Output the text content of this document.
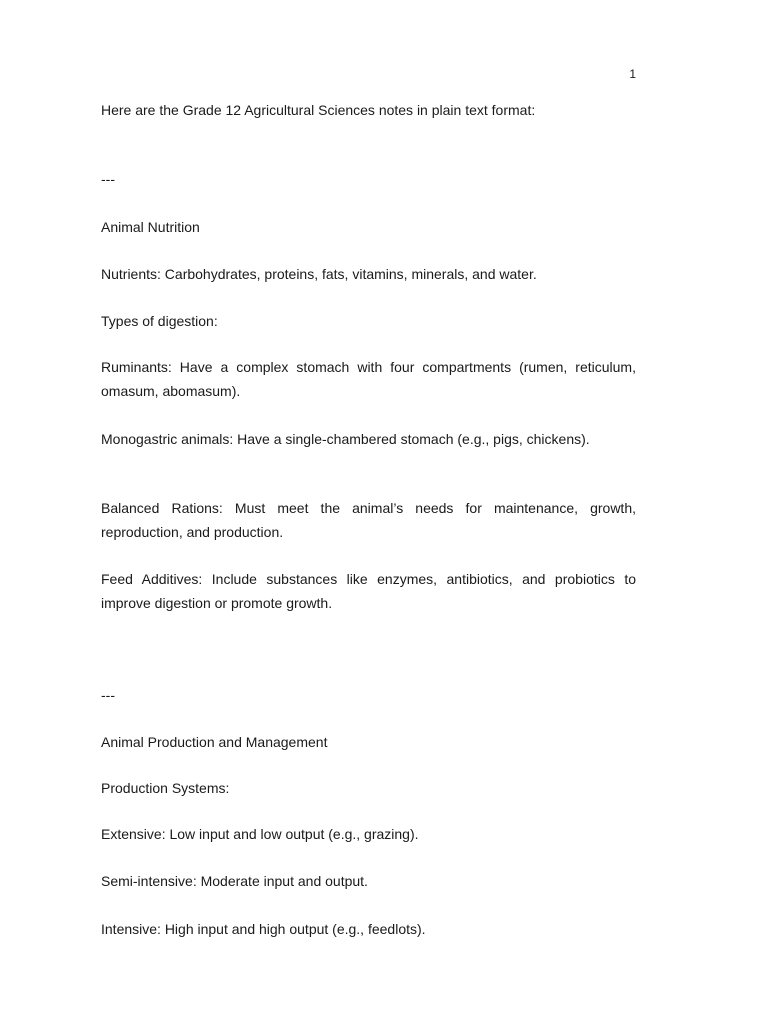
1
Here are the Grade 12 Agricultural Sciences notes in plain text format:
---
Animal Nutrition
Nutrients: Carbohydrates, proteins, fats, vitamins, minerals, and water.
Types of digestion:
Ruminants: Have a complex stomach with four compartments (rumen, reticulum, omasum, abomasum).
Monogastric animals: Have a single-chambered stomach (e.g., pigs, chickens).
Balanced Rations: Must meet the animal’s needs for maintenance, growth, reproduction, and production.
Feed Additives: Include substances like enzymes, antibiotics, and probiotics to improve digestion or promote growth.
---
Animal Production and Management
Production Systems:
Extensive: Low input and low output (e.g., grazing).
Semi-intensive: Moderate input and output.
Intensive: High input and high output (e.g., feedlots).
